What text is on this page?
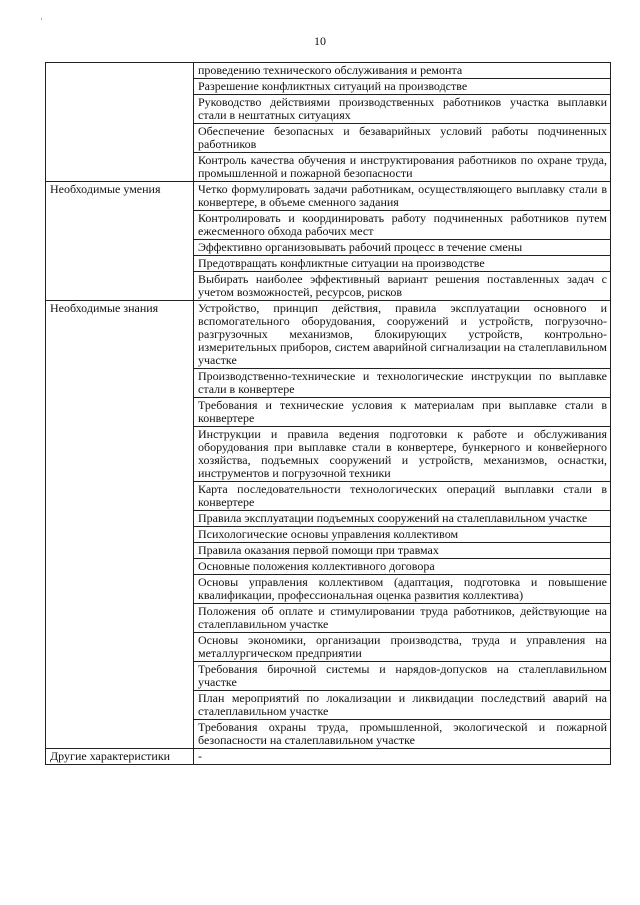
·
10
	проведению технического обслуживания и ремонта
	Разрешение конфликтных ситуаций на производстве
	Руководство действиями производственных работников участка выплавки стали в нештатных ситуациях
	Обеспечение безопасных и безаварийных условий работы подчиненных работников
	Контроль качества обучения и инструктирования работников по охране труда, промышленной и пожарной безопасности
Необходимые умения	Четко формулировать задачи работникам, осуществляющего выплавку стали в конвертере, в объеме сменного задания
	Контролировать и координировать работу подчиненных работников путем ежесменного обхода рабочих мест
	Эффективно организовывать рабочий процесс в течение смены
	Предотвращать конфликтные ситуации на производстве
	Выбирать наиболее эффективный вариант решения поставленных задач с учетом возможностей, ресурсов, рисков
Необходимые знания	Устройство, принцип действия, правила эксплуатации основного и вспомогательного оборудования, сооружений и устройств, погрузочно-разгрузочных механизмов, блокирующих устройств, контрольно-измерительных приборов, систем аварийной сигнализации на сталеплавильном участке
	Производственно-технические и технологические инструкции по выплавке стали в конвертере
	Требования и технические условия к материалам при выплавке стали в конвертере
	Инструкции и правила ведения подготовки к работе и обслуживания оборудования при выплавке стали в конвертере, бункерного и конвейерного хозяйства, подъемных сооружений и устройств, механизмов, оснастки, инструментов и погрузочной техники
	Карта последовательности технологических операций выплавки стали в конвертере
	Правила эксплуатации подъемных сооружений на сталеплавильном участке
	Психологические основы управления коллективом
	Правила оказания первой помощи при травмах
	Основные положения коллективного договора
	Основы управления коллективом (адаптация, подготовка и повышение квалификации, профессиональная оценка развития коллектива)
	Положения об оплате и стимулировании труда работников, действующие на сталеплавильном участке
	Основы экономики, организации производства, труда и управления на металлургическом предприятии
	Требования бирочной системы и нарядов-допусков на сталеплавильном участке
	План мероприятий по локализации и ликвидации последствий аварий на сталеплавильном участке
	Требования охраны труда, промышленной, экологической и пожарной безопасности на сталеплавильном участке
Другие характеристики	-
